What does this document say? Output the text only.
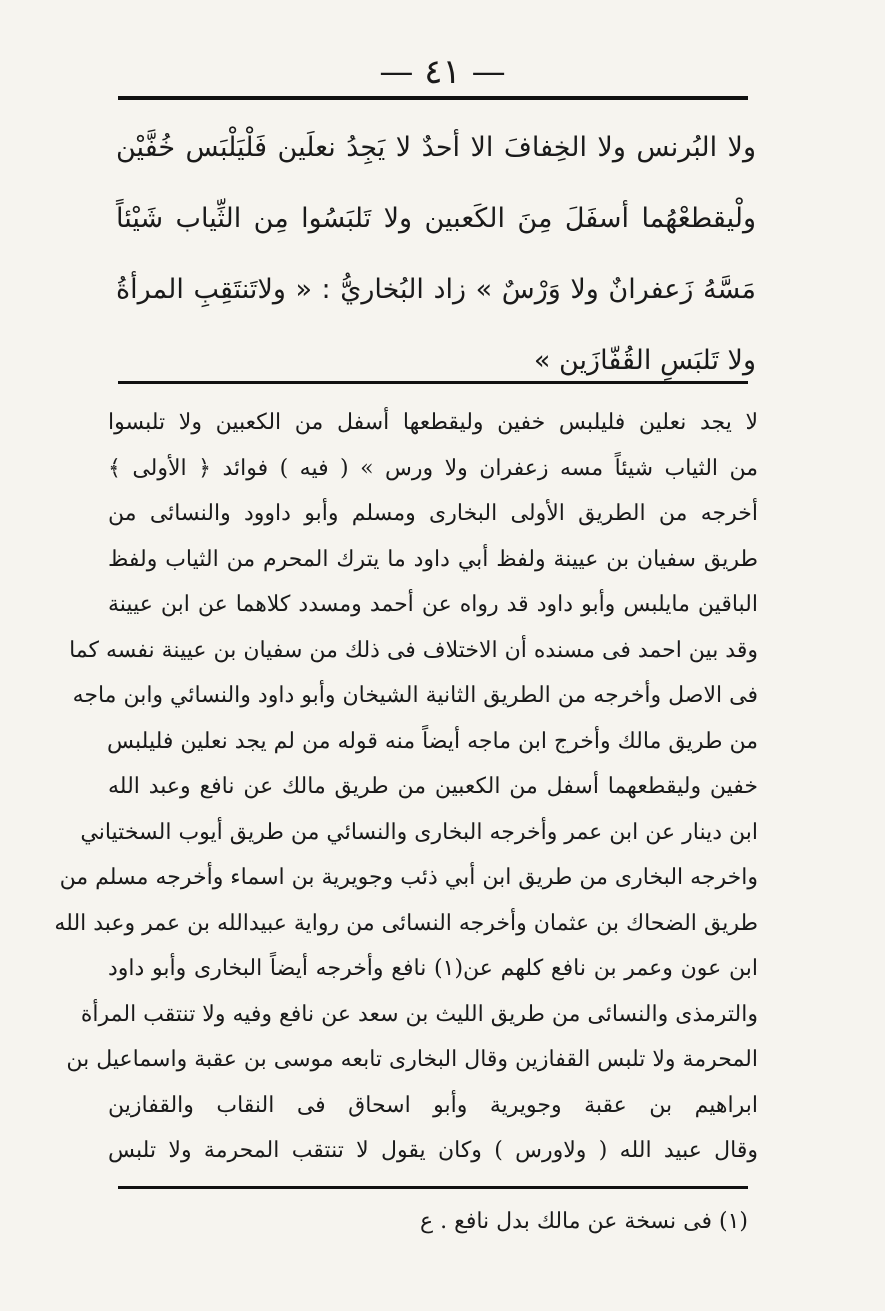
— ٤١ —
ولا البُرنس ولا الخِفافَ الا أحدٌ لا يَجِدُ نعلَين فَلْيَلْبَس خُفَّيْن ولْيقطعْهُما أسفَلَ مِنَ الكَعبين ولا تَلبَسُوا مِن الثِّياب شَيْئاً مَسَّهُ زَعفرانٌ ولا وَرْسٌ » زاد البُخاريُّ : « ولاتَنتَقِبِ المرأةُ ولا تَلبَسِ القُفّازَين »
لا يجد نعلين فليلبس خفين وليقطعها أسفل من الكعبين ولا تلبسوا
من الثياب شيئاً مسه زعفران ولا ورس » ( فيه ) فوائد ﴿ الأولى ﴾
أخرجه من الطريق الأولى البخارى ومسلم وأبو داوود والنسائى من
طريق سفيان بن عيينة ولفظ أبي داود ما يترك المحرم من الثياب ولفظ
الباقين مايلبس وأبو داود قد رواه عن أحمد ومسدد كلاهما عن ابن عيينة
وقد بين احمد فى مسنده أن الاختلاف فى ذلك من سفيان بن عيينة نفسه كما
فى الاصل وأخرجه من الطريق الثانية الشيخان وأبو داود والنسائي وابن ماجه
من طريق مالك وأخرج ابن ماجه أيضاً منه قوله من لم يجد نعلين فليلبس
خفين وليقطعهما أسفل من الكعبين من طريق مالك عن نافع وعبد الله
ابن دينار عن ابن عمر وأخرجه البخارى والنسائي من طريق أيوب السختياني
واخرجه البخارى من طريق ابن أبي ذئب وجويرية بن اسماء وأخرجه مسلم من
طريق الضحاك بن عثمان وأخرجه النسائى من رواية عبيدالله بن عمر وعبد الله
ابن عون وعمر بن نافع كلهم عن(١) نافع وأخرجه أيضاً البخارى وأبو داود
والترمذى والنسائى من طريق الليث بن سعد عن نافع وفيه ولا تنتقب المرأة
المحرمة ولا تلبس القفازين وقال البخارى تابعه موسى بن عقبة واسماعيل بن
ابراهيم بن عقبة وجويرية وأبو اسحاق فى النقاب والقفازين
وقال عبيد الله ( ولاورس ) وكان يقول لا تنتقب المحرمة ولا تلبس
(١) فى نسخة عن مالك بدل نافع . ع
